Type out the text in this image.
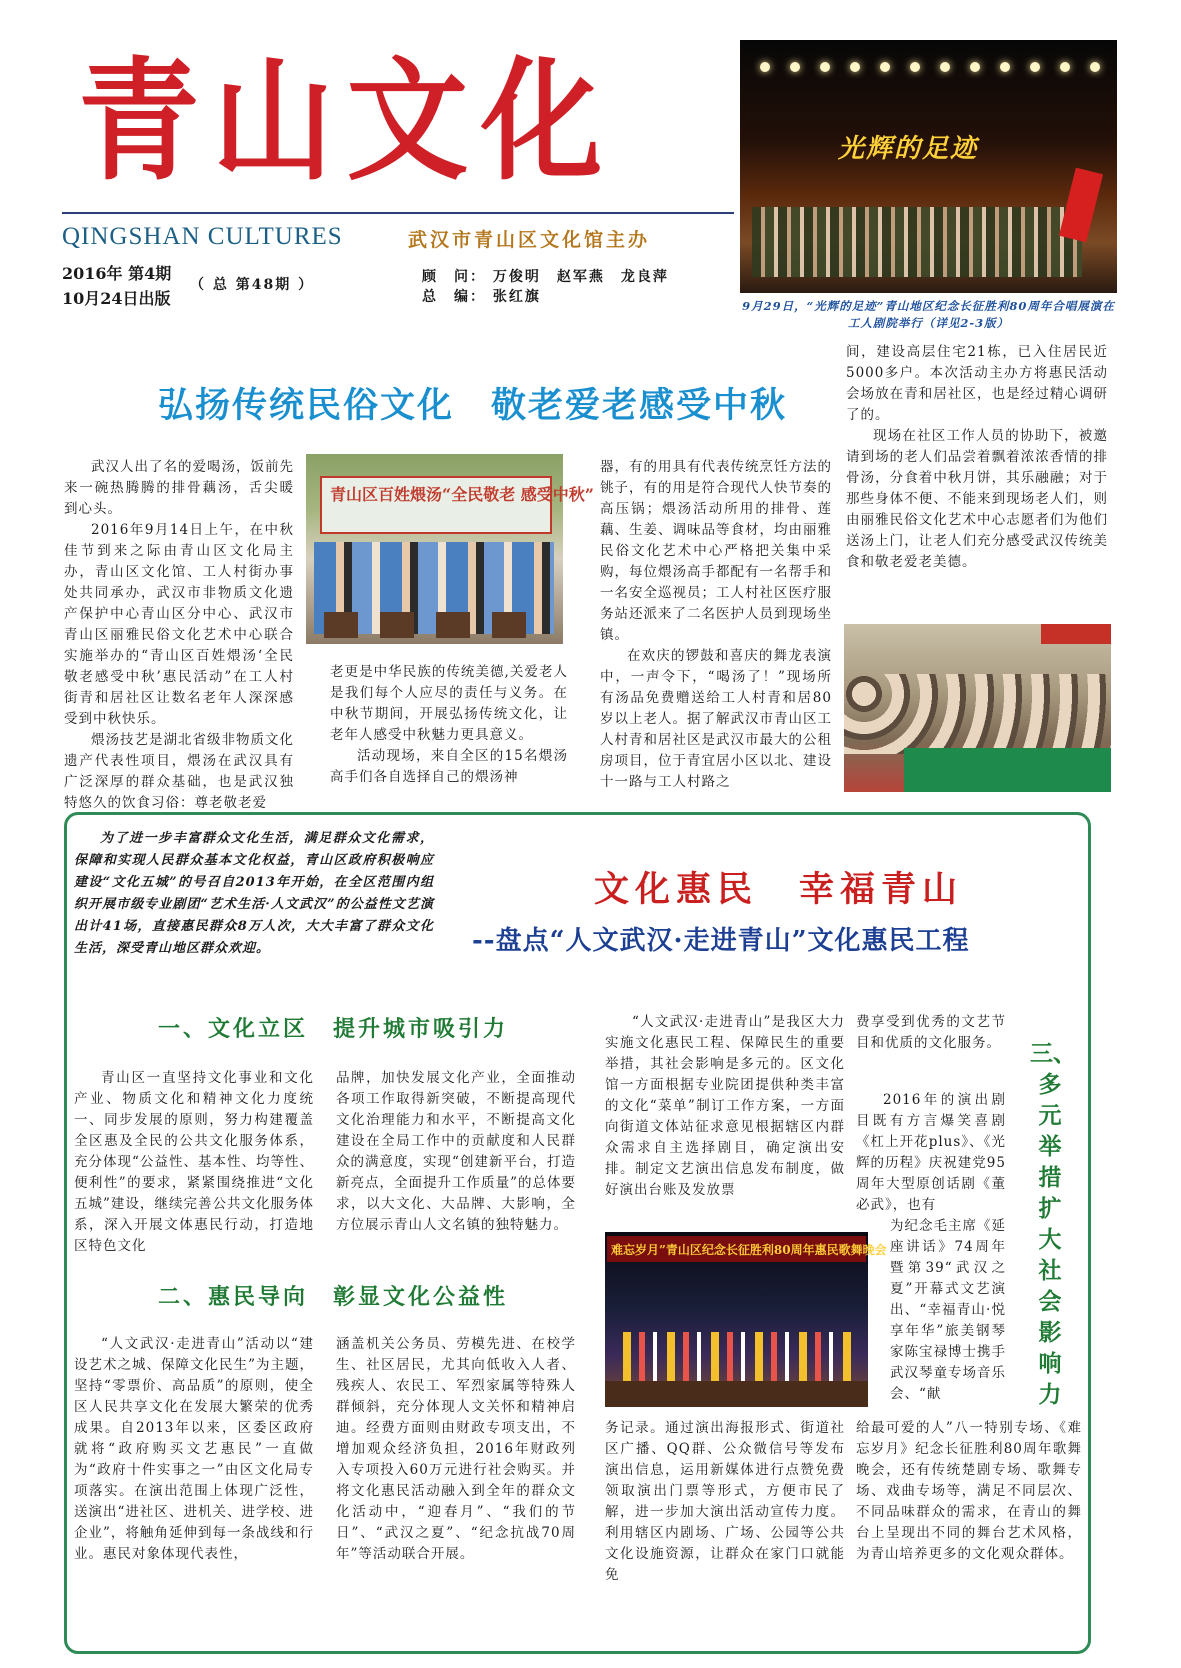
青山文化
QINGSHAN CULTURES	武汉市青山区文化馆主办
2016年 第4期
10月24日出版
（ 总 第48期 ）	顾　问： 万俊明　赵军燕　龙良萍
总　编： 张红旗
光辉的足迹
9月29日，“光辉的足迹”青山地区纪念长征胜利80周年合唱展演在工人剧院举行（详见2-3版）
弘扬传统民俗文化　敬老爱老感受中秋

武汉人出了名的爱喝汤，饭前先来一碗热腾腾的排骨藕汤，舌尖暖到心头。

2016年9月14日上午，在中秋佳节到来之际由青山区文化局主办，青山区文化馆、工人村街办事处共同承办，武汉市非物质文化遗产保护中心青山区分中心、武汉市青山区丽雅民俗文化艺术中心联合实施举办的“青山区百姓煨汤‘全民敬老感受中秋’惠民活动”在工人村街青和居社区让数名老年人深深感受到中秋快乐。

煨汤技艺是湖北省级非物质文化遗产代表性项目，煨汤在武汉具有广泛深厚的群众基础，也是武汉独特悠久的饮食习俗：尊老敬老爱

青山区百姓煨汤“全民敬老 感受中秋”

老更是中华民族的传统美德,关爱老人是我们每个人应尽的责任与义务。在中秋节期间，开展弘扬传统文化，让老年人感受中秋魅力更具意义。

活动现场，来自全区的15名煨汤高手们各自选择自己的煨汤神

器，有的用具有代表传统烹饪方法的铫子，有的用是符合现代人快节奏的高压锅；煨汤活动所用的排骨、莲藕、生姜、调味品等食材，均由丽雅民俗文化艺术中心严格把关集中采购，每位煨汤高手都配有一名帮手和一名安全巡视员；工人村社区医疗服务站还派来了二名医护人员到现场坐镇。

在欢庆的锣鼓和喜庆的舞龙表演中，一声令下，“喝汤了！”现场所有汤品免费赠送给工人村青和居80岁以上老人。据了解武汉市青山区工人村青和居社区是武汉市最大的公租房项目，位于青宜居小区以北、建设十一路与工人村路之

间，建设高层住宅21栋，已入住居民近5000多户。本次活动主办方将惠民活动会场放在青和居社区，也是经过精心调研了的。

现场在社区工作人员的协助下，被邀请到场的老人们品尝着飘着浓浓香情的排骨汤，分食着中秋月饼，其乐融融；对于那些身体不便、不能来到现场老人们，则由丽雅民俗文化艺术中心志愿者们为他们送汤上门，让老人们充分感受武汉传统美食和敬老爱老美德。

为了进一步丰富群众文化生活，满足群众文化需求，保障和实现人民群众基本文化权益，青山区政府积极响应建设“文化五城”的号召自2013年开始，在全区范围内组织开展市级专业剧团“艺术生活·人文武汉”的公益性文艺演出计41场，直接惠民群众8万人次，大大丰富了群众文化生活，深受青山地区群众欢迎。
文化惠民　幸福青山
--盘点“人文武汉·走进青山”文化惠民工程
一、文化立区　提升城市吸引力

青山区一直坚持文化事业和文化产业、物质文化和精神文化力度统一、同步发展的原则，努力构建覆盖全区惠及全民的公共文化服务体系，充分体现“公益性、基本性、均等性、便利性”的要求，紧紧围绕推进“文化五城”建设，继续完善公共文化服务体系，深入开展文体惠民行动，打造地区特色文化

品牌，加快发展文化产业，全面推动各项工作取得新突破，不断提高现代文化治理能力和水平，不断提高文化建设在全局工作中的贡献度和人民群众的满意度，实现“创建新平台，打造新亮点，全面提升工作质量”的总体要求，以大文化、大品牌、大影响，全方位展示青山人文名镇的独特魅力。

二、惠民导向　彰显文化公益性

“人文武汉·走进青山”活动以“建设艺术之城、保障文化民生”为主题，坚持“零票价、高品质”的原则，使全区人民共享文化在发展大繁荣的优秀成果。自2013年以来，区委区政府就将“政府购买文艺惠民”一直做为“政府十件实事之一”由区文化局专项落实。在演出范围上体现广泛性，送演出“进社区、进机关、进学校、进企业”，将触角延伸到每一条战线和行业。惠民对象体现代表性，

涵盖机关公务员、劳模先进、在校学生、社区居民，尤其向低收入人者、残疾人、农民工、军烈家属等特殊人群倾斜，充分体现人文关怀和精神启迪。经费方面则由财政专项支出，不增加观众经济负担，2016年财政列入专项投入60万元进行社会购买。并将文化惠民活动融入到全年的群众文化活动中，“迎春月”、“我们的节日”、“武汉之夏”、“纪念抗战70周年”等活动联合开展。

“人文武汉·走进青山”是我区大力实施文化惠民工程、保障民生的重要举措，其社会影响是多元的。区文化馆一方面根据专业院团提供种类丰富的文化“菜单”制订工作方案，一方面向街道文体站征求意见根据辖区内群众需求自主选择剧目，确定演出安排。制定文艺演出信息发布制度，做好演出台账及发放票

难忘岁月”青山区纪念长征胜利80周年惠民歌舞晚会

务记录。通过演出海报形式、街道社区广播、QQ群、公众微信号等发布演出信息，运用新媒体进行点赞免费领取演出门票等形式，方便市民了解，进一步加大演出活动宣传力度。利用辖区内剧场、广场、公园等公共文化设施资源，让群众在家门口就能免

费享受到优秀的文艺节目和优质的文化服务。

2016年的演出剧目既有方言爆笑喜剧《杠上开花plus》、《光辉的历程》庆祝建党95周年大型原创话剧《董必武》，也有

为纪念毛主席《延座讲话》74周年暨第39“武汉之夏”开幕式文艺演出、“幸福青山·悦享年华”旅美钢琴家陈宝禄博士携手武汉琴童专场音乐会、“献

给最可爱的人”八一特别专场、《难忘岁月》纪念长征胜利80周年歌舞晚会，还有传统楚剧专场、歌舞专场、戏曲专场等，满足不同层次、不同品味群众的需求，在青山的舞台上呈现出不同的舞台艺术风格，为青山培养更多的文化观众群体。

三、多元举措　扩大社会影响力
